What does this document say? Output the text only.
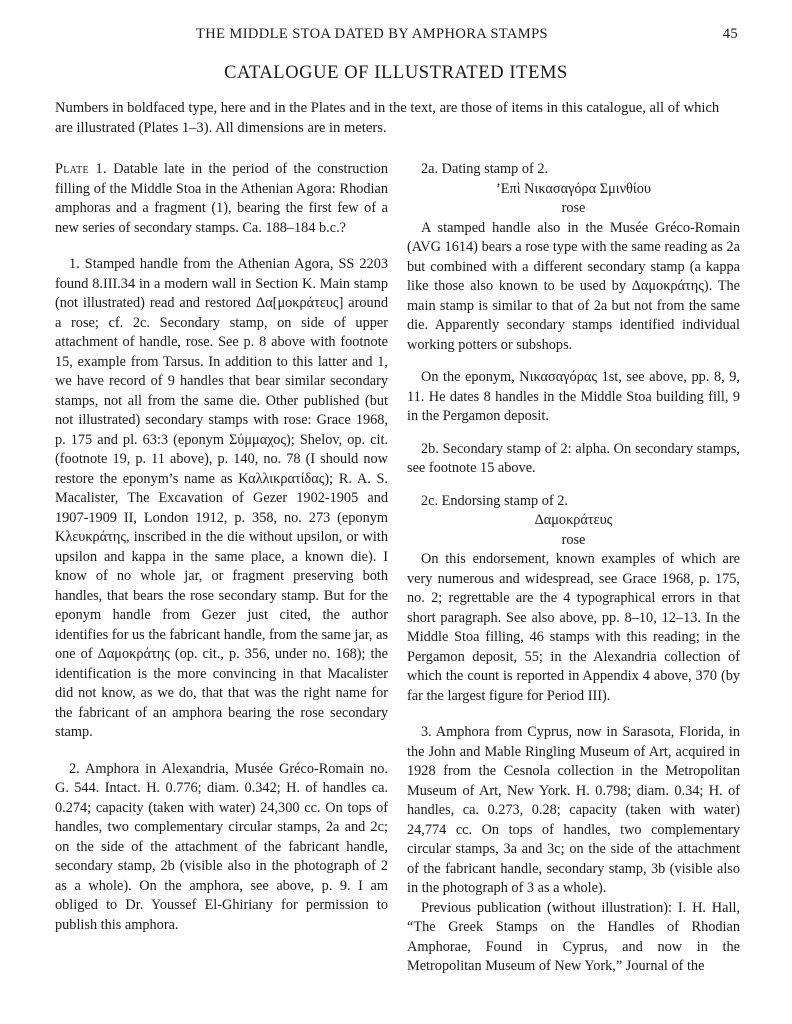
THE MIDDLE STOA DATED BY AMPHORA STAMPS	45
CATALOGUE OF ILLUSTRATED ITEMS

Numbers in boldfaced type, here and in the Plates and in the text, are those of items in this catalogue, all of which are illustrated (Plates 1–3). All dimensions are in meters.

Plate 1. Datable late in the period of the construction filling of the Middle Stoa in the Athenian Agora: Rhodian amphoras and a fragment (1), bearing the first few of a new series of secondary stamps. Ca. 188–184 b.c.?

1. Stamped handle from the Athenian Agora, SS 2203 found 8.III.34 in a modern wall in Section K. Main stamp (not illustrated) read and restored Δα[μοκράτευς] around a rose; cf. 2c. Secondary stamp, on side of upper attachment of handle, rose. See p. 8 above with footnote 15, example from Tarsus. In addition to this latter and 1, we have record of 9 handles that bear similar secondary stamps, not all from the same die. Other published (but not illustrated) secondary stamps with rose: Grace 1968, p. 175 and pl. 63:3 (eponym Σύμμαχος); Shelov, op. cit. (footnote 19, p. 11 above), p. 140, no. 78 (I should now restore the eponym’s name as Καλλικρατίδας); R. A. S. Macalister, The Excavation of Gezer 1902-1905 and 1907-1909 II, London 1912, p. 358, no. 273 (eponym Κλευκράτης, inscribed in the die without upsilon, or with upsilon and kappa in the same place, a known die). I know of no whole jar, or fragment preserving both handles, that bears the rose secondary stamp. But for the eponym handle from Gezer just cited, the author identifies for us the fabricant handle, from the same jar, as one of Δαμοκράτης (op. cit., p. 356, under no. 168); the identification is the more convincing in that Macalister did not know, as we do, that that was the right name for the fabricant of an amphora bearing the rose secondary stamp.

2. Amphora in Alexandria, Musée Gréco-Romain no. G. 544. Intact. H. 0.776; diam. 0.342; H. of handles ca. 0.274; capacity (taken with water) 24,300 cc. On tops of handles, two complementary circular stamps, 2a and 2c; on the side of the attachment of the fabricant handle, secondary stamp, 2b (visible also in the photograph of 2 as a whole). On the amphora, see above, p. 9. I am obliged to Dr. Youssef El-Ghiriany for permission to publish this amphora.

2a. Dating stamp of 2.

’Επὶ Νικασαγόρα Σμινθίου

rose

A stamped handle also in the Musée Gréco-Romain (AVG 1614) bears a rose type with the same reading as 2a but combined with a different secondary stamp (a kappa like those also known to be used by Δαμοκράτης). The main stamp is similar to that of 2a but not from the same die. Apparently secondary stamps identified individual working potters or subshops.

On the eponym, Νικασαγόρας 1st, see above, pp. 8, 9, 11. He dates 8 handles in the Middle Stoa building fill, 9 in the Pergamon deposit.

2b. Secondary stamp of 2: alpha. On secondary stamps, see footnote 15 above.

2c. Endorsing stamp of 2.

Δαμοκράτευς

rose

On this endorsement, known examples of which are very numerous and widespread, see Grace 1968, p. 175, no. 2; regrettable are the 4 typographical errors in that short paragraph. See also above, pp. 8–10, 12–13. In the Middle Stoa filling, 46 stamps with this reading; in the Pergamon deposit, 55; in the Alexandria collection of which the count is reported in Appendix 4 above, 370 (by far the largest figure for Period III).

3. Amphora from Cyprus, now in Sarasota, Florida, in the John and Mable Ringling Museum of Art, acquired in 1928 from the Cesnola collection in the Metropolitan Museum of Art, New York. H. 0.798; diam. 0.34; H. of handles, ca. 0.273, 0.28; capacity (taken with water) 24,774 cc. On tops of handles, two complementary circular stamps, 3a and 3c; on the side of the attachment of the fabricant handle, secondary stamp, 3b (visible also in the photograph of 3 as a whole).

Previous publication (without illustration): I. H. Hall, “The Greek Stamps on the Handles of Rhodian Amphorae, Found in Cyprus, and now in the Metropolitan Museum of New York,” Journal of the
